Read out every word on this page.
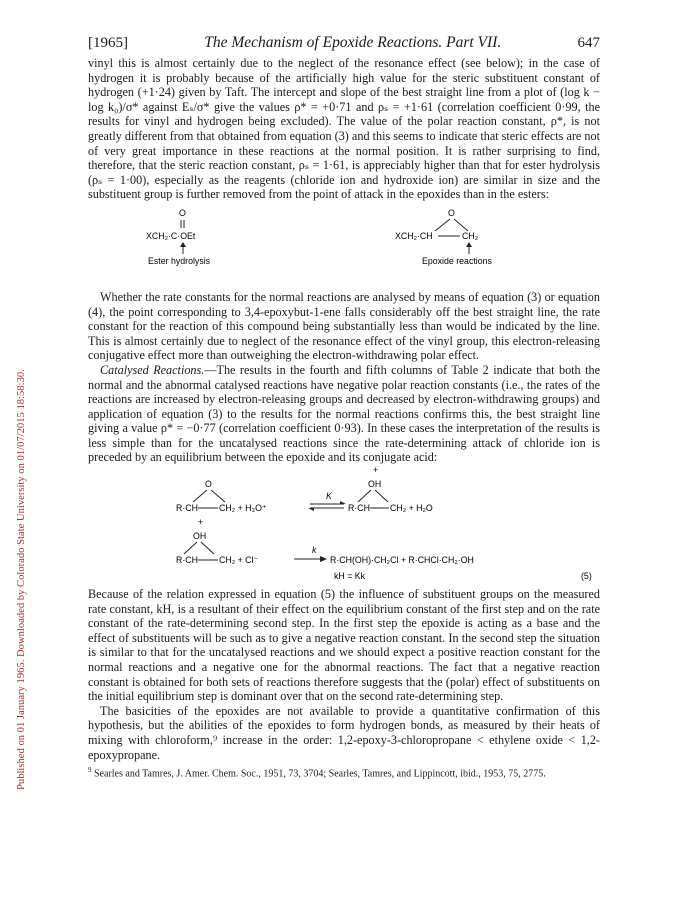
Published on 01 January 1965. Downloaded by Colorado State University on 01/07/2015 18:58:30.
[1965]	The Mechanism of Epoxide Reactions. Part VII.	647

vinyl this is almost certainly due to the neglect of the resonance effect (see below); in the case of hydrogen it is probably because of the artificially high value for the steric substituent constant of hydrogen (+1·24) given by Taft. The intercept and slope of the best straight line from a plot of (log k − log k₀)/σ* against Eₛ/σ* give the values ρ* = +0·71 and ρₛ = +1·61 (correlation coefficient 0·99, the results for vinyl and hydrogen being excluded). The value of the polar reaction constant, ρ*, is not greatly different from that obtained from equation (3) and this seems to indicate that steric effects are not of very great importance in these reactions at the normal position. It is rather surprising to find, therefore, that the steric reaction constant, ρₛ = 1·61, is appreciably higher than that for ester hydrolysis (ρₛ = 1·00), especially as the reagents (chloride ion and hydroxide ion) are similar in size and the substituent group is further removed from the point of attack in the epoxides than in the esters:

O
XCH₂·C·OEt
Ester hydrolysis
O
XCH₂·CH	CH₂
Epoxide reactions

Whether the rate constants for the normal reactions are analysed by means of equation (3) or equation (4), the point corresponding to 3,4-epoxybut-1-ene falls considerably off the best straight line, the rate constant for the reaction of this compound being substantially less than would be indicated by the line. This is almost certainly due to neglect of the resonance effect of the vinyl group, this electron-releasing conjugative effect more than outweighing the electron-withdrawing polar effect.

Catalysed Reactions.—The results in the fourth and fifth columns of Table 2 indicate that both the normal and the abnormal catalysed reactions have negative polar reaction constants (i.e., the rates of the reactions are increased by electron-releasing groups and decreased by electron-withdrawing groups) and application of equation (3) to the results for the normal reactions confirms this, the best straight line giving a value ρ* = −0·77 (correlation coefficient 0·93). In these cases the interpretation of the results is less simple than for the uncatalysed reactions since the rate-determining attack of chloride ion is preceded by an equilibrium between the epoxide and its conjugate acid:

O
R·CH CH₂ + H₃O⁺
K
+
OH
R·CH CH₂ + H₂O
+
OH
R·CH CH₂ + Cl⁻
k
R·CH(OH)·CH₂Cl + R·CHCl·CH₂·OH
kH = Kk	(5)

Because of the relation expressed in equation (5) the influence of substituent groups on the measured rate constant, kH, is a resultant of their effect on the equilibrium constant of the first step and on the rate constant of the rate-determining second step. In the first step the epoxide is acting as a base and the effect of substituents will be such as to give a negative reaction constant. In the second step the situation is similar to that for the uncatalysed reactions and we should expect a positive reaction constant for the normal reactions and a negative one for the abnormal reactions. The fact that a negative reaction constant is obtained for both sets of reactions therefore suggests that the (polar) effect of substituents on the initial equilibrium step is dominant over that on the second rate-determining step.

The basicities of the epoxides are not available to provide a quantitative confirmation of this hypothesis, but the abilities of the epoxides to form hydrogen bonds, as measured by their heats of mixing with chloroform,⁹ increase in the order: 1,2-epoxy-3-chloropropane < ethylene oxide < 1,2-epoxypropane.

$^9$ Searles and Tamres, J. Amer. Chem. Soc., 1951, 73, 3704; Searles, Tamres, and Lippincott, ibid., 1953, 75, 2775.
